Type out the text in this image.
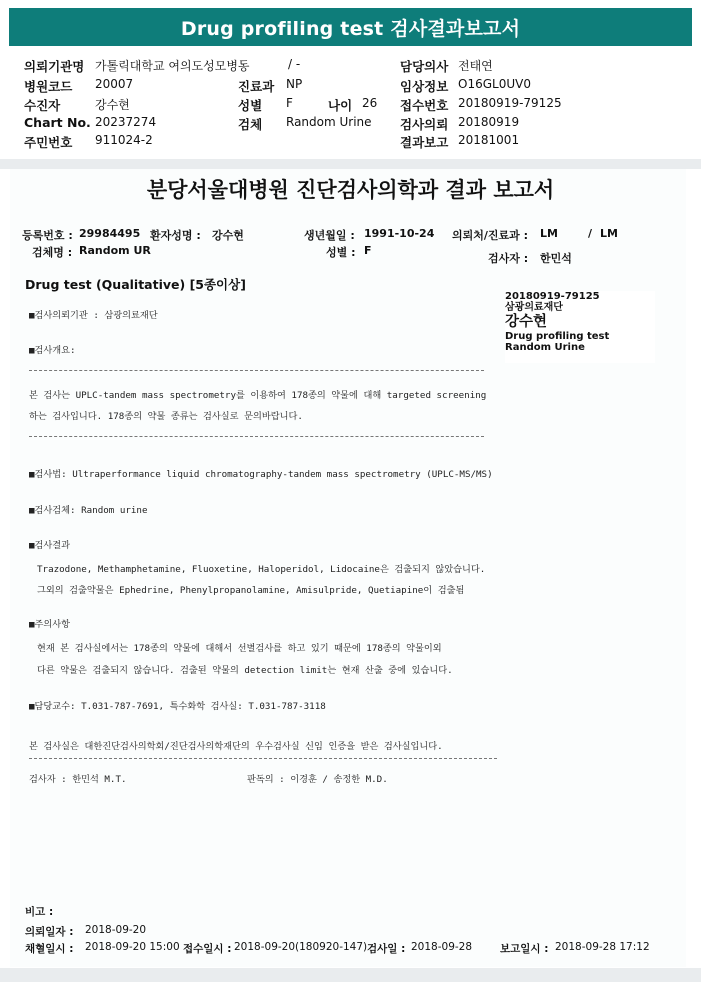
Drug profiling test 검사결과보고서
의뢰기관명 가톨릭대학교 여의도성모병동	/ -	담당의사 전태연
병원코드 20007	진료과 NP	임상정보 O16GL0UV0
수진자	강수현	성별 F	나이 26 접수번호 20180919-79125
Chart No. 20237274	검체 Random Urine 검사의뢰 20180919
주민번호 911024-2	결과보고 20181001
분당서울대병원 진단검사의학과 결과 보고서
등록번호 : 29984495 환자성명 : 강수현	생년월일 : 1991-10-24 의뢰처/진료과 : LM	/ LM
검체명 : Random UR	성별 : F
검사자 : 한민석
Drug test (Qualitative) [5종이상]
20180919-79125
삼광의료재단
강수현
Drug profiling test
Random Urine
■검사의뢰기관 : 삼광의료재단
■검사개요:
본 검사는 UPLC-tandem mass spectrometry를 이용하여 178종의 약물에 대해 targeted screening
하는 검사입니다. 178종의 약물 종류는 검사실로 문의바랍니다.
■검사법: Ultraperformance liquid chromatography-tandem mass spectrometry (UPLC-MS/MS)
■검사검체: Random urine
■검사결과
Trazodone, Methamphetamine, Fluoxetine, Haloperidol, Lidocaine은 검출되지 않았습니다.
그외의 검출약물은 Ephedrine, Phenylpropanolamine, Amisulpride, Quetiapine이 검출됨
■주의사항
현재 본 검사실에서는 178종의 약물에 대해서 선별검사를 하고 있기 때문에 178종의 약물이외
다른 약물은 검출되지 않습니다. 검출된 약물의 detection limit는 현재 산출 중에 있습니다.
■담당교수: T.031-787-7691, 특수화학 검사실: T.031-787-3118
본 검사실은 대한진단검사의학회/진단검사의학재단의 우수검사실 신임 인증을 받은 검사실입니다.
검사자 : 한민석 M.T.	판독의 : 이경훈 / 송정한 M.D.
비고 :
의뢰일자 : 2018-09-20
채혈일시 : 2018-09-20 15:00 접수일시 : 2018-09-20(180920-147) 검사일 : 2018-09-28	보고일시 : 2018-09-28 17:12
